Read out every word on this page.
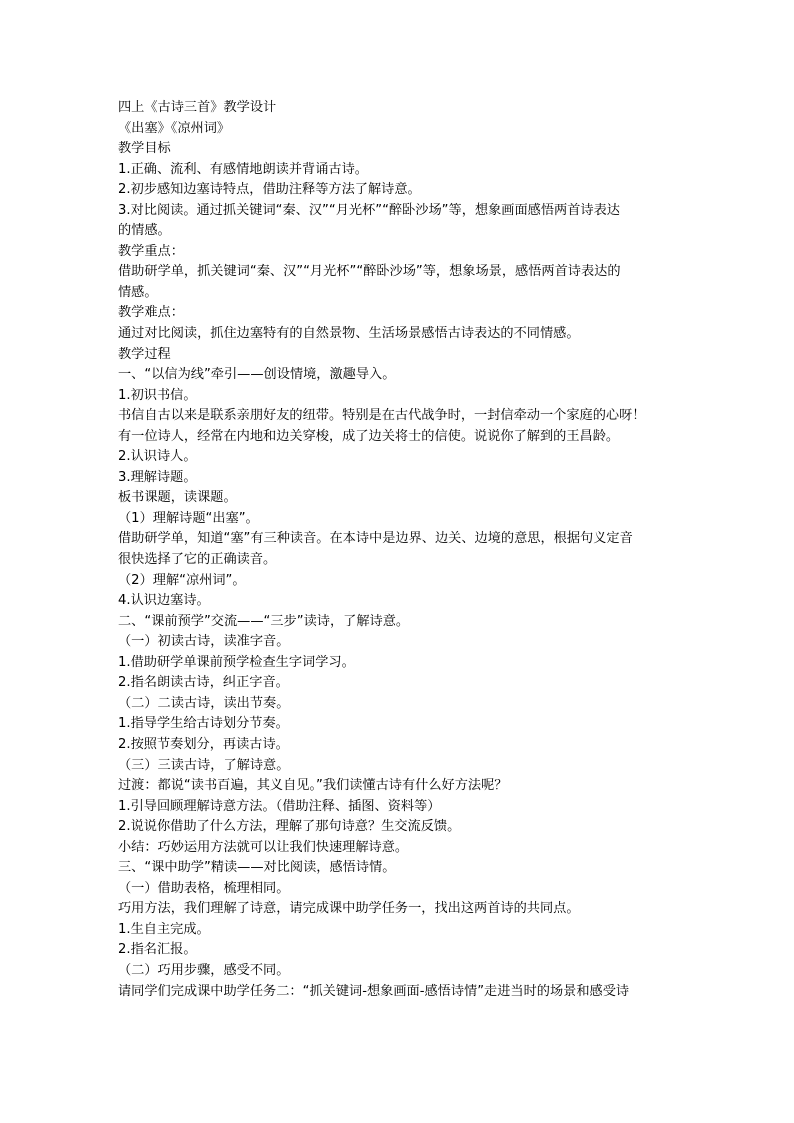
四上《古诗三首》教学设计
《出塞》《凉州词》
教学目标
1.正确、流利、有感情地朗读并背诵古诗。
2.初步感知边塞诗特点，借助注释等方法了解诗意。
3.对比阅读。通过抓关键词“秦、汉”“月光杯”“醉卧沙场”等，想象画面感悟两首诗表达
的情感。
教学重点：
借助研学单，抓关键词“秦、汉”“月光杯”“醉卧沙场”等，想象场景，感悟两首诗表达的
情感。
教学难点：
通过对比阅读，抓住边塞特有的自然景物、生活场景感悟古诗表达的不同情感。
教学过程
一、“以信为线”牵引——创设情境，激趣导入。
1.初识书信。
书信自古以来是联系亲朋好友的纽带。特别是在古代战争时，一封信牵动一个家庭的心呀！
有一位诗人，经常在内地和边关穿梭，成了边关将士的信使。说说你了解到的王昌龄。
2.认识诗人。
3.理解诗题。
板书课题，读课题。
（1）理解诗题“出塞”。
借助研学单，知道“塞”有三种读音。在本诗中是边界、边关、边境的意思，根据句义定音
很快选择了它的正确读音。
（2）理解“凉州词”。
4.认识边塞诗。
二、“课前预学”交流——“三步”读诗，了解诗意。
（一）初读古诗，读准字音。
1.借助研学单课前预学检查生字词学习。
2.指名朗读古诗，纠正字音。
（二）二读古诗，读出节奏。
1.指导学生给古诗划分节奏。
2.按照节奏划分，再读古诗。
（三）三读古诗，了解诗意。
过渡：都说“读书百遍，其义自见。”我们读懂古诗有什么好方法呢？
1.引导回顾理解诗意方法。（借助注释、插图、资料等）
2.说说你借助了什么方法，理解了那句诗意？生交流反馈。
小结：巧妙运用方法就可以让我们快速理解诗意。
三、“课中助学”精读——对比阅读，感悟诗情。
（一）借助表格，梳理相同。
巧用方法，我们理解了诗意，请完成课中助学任务一，找出这两首诗的共同点。
1.生自主完成。
2.指名汇报。
（二）巧用步骤，感受不同。
请同学们完成课中助学任务二：“抓关键词-想象画面-感悟诗情”走进当时的场景和感受诗
